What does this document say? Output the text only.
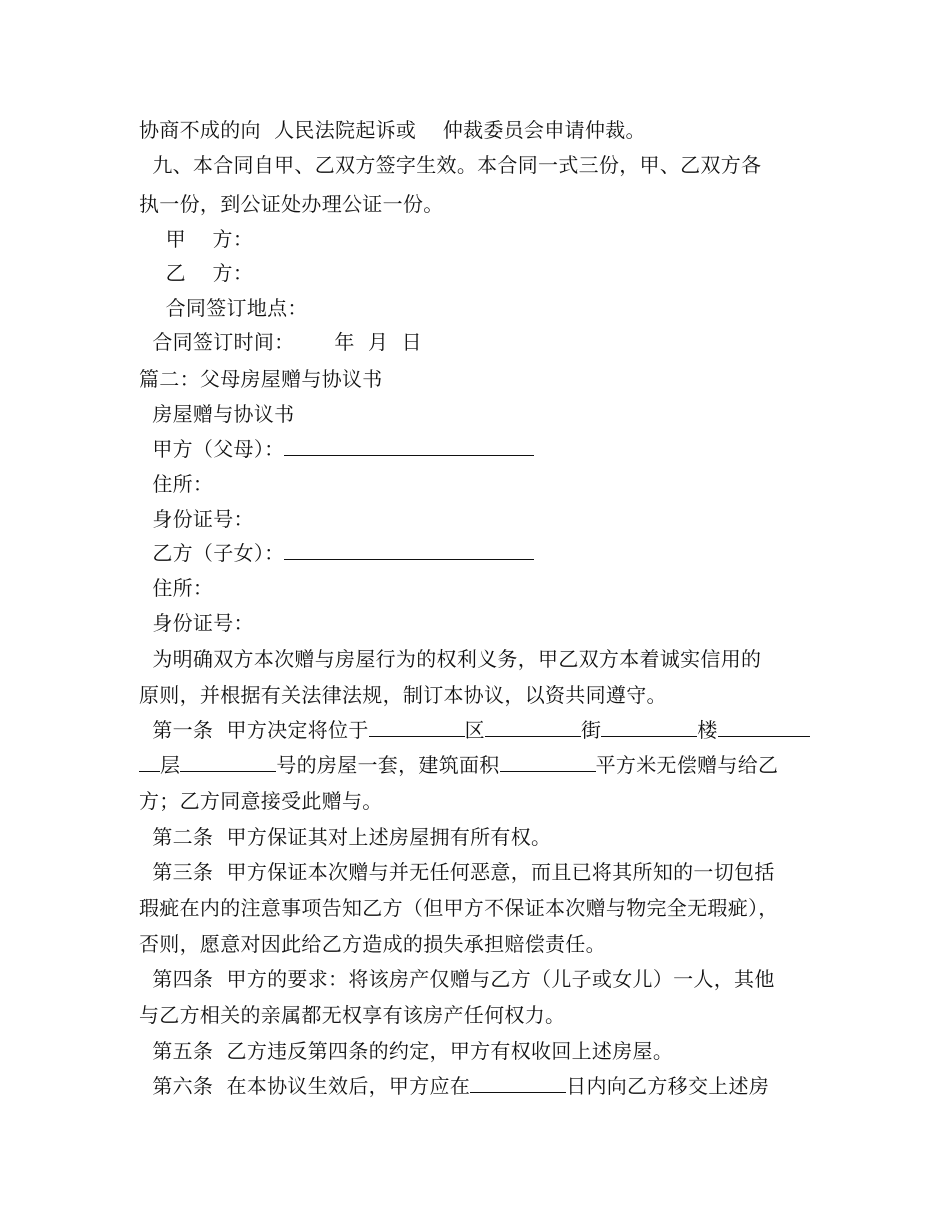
协商不成的向  人民法院起诉或    仲裁委员会申请仲裁。
九、本合同自甲、乙双方签字生效。本合同一式三份，甲、乙双方各
执一份，到公证处办理公证一份。
甲    方：
乙    方：
合同签订地点：
合同签订时间：      年  月  日
篇二：父母房屋赠与协议书
房屋赠与协议书
甲方（父母）：
住所：
身份证号：
乙方（子女）：
住所：
身份证号：
为明确双方本次赠与房屋行为的权利义务，甲乙双方本着诚实信用的
原则，并根据有关法律法规，制订本协议，以资共同遵守。
第一条  甲方决定将位于	区	街	楼
层	号的房屋一套，建筑面积	平方米无偿赠与给乙
方；乙方同意接受此赠与。
第二条  甲方保证其对上述房屋拥有所有权。
第三条  甲方保证本次赠与并无任何恶意，而且已将其所知的一切包括
瑕疵在内的注意事项告知乙方（但甲方不保证本次赠与物完全无瑕疵），
否则，愿意对因此给乙方造成的损失承担赔偿责任。
第四条  甲方的要求：将该房产仅赠与乙方（儿子或女儿）一人，其他
与乙方相关的亲属都无权享有该房产任何权力。
第五条  乙方违反第四条的约定，甲方有权收回上述房屋。
第六条  在本协议生效后，甲方应在	日内向乙方移交上述房
